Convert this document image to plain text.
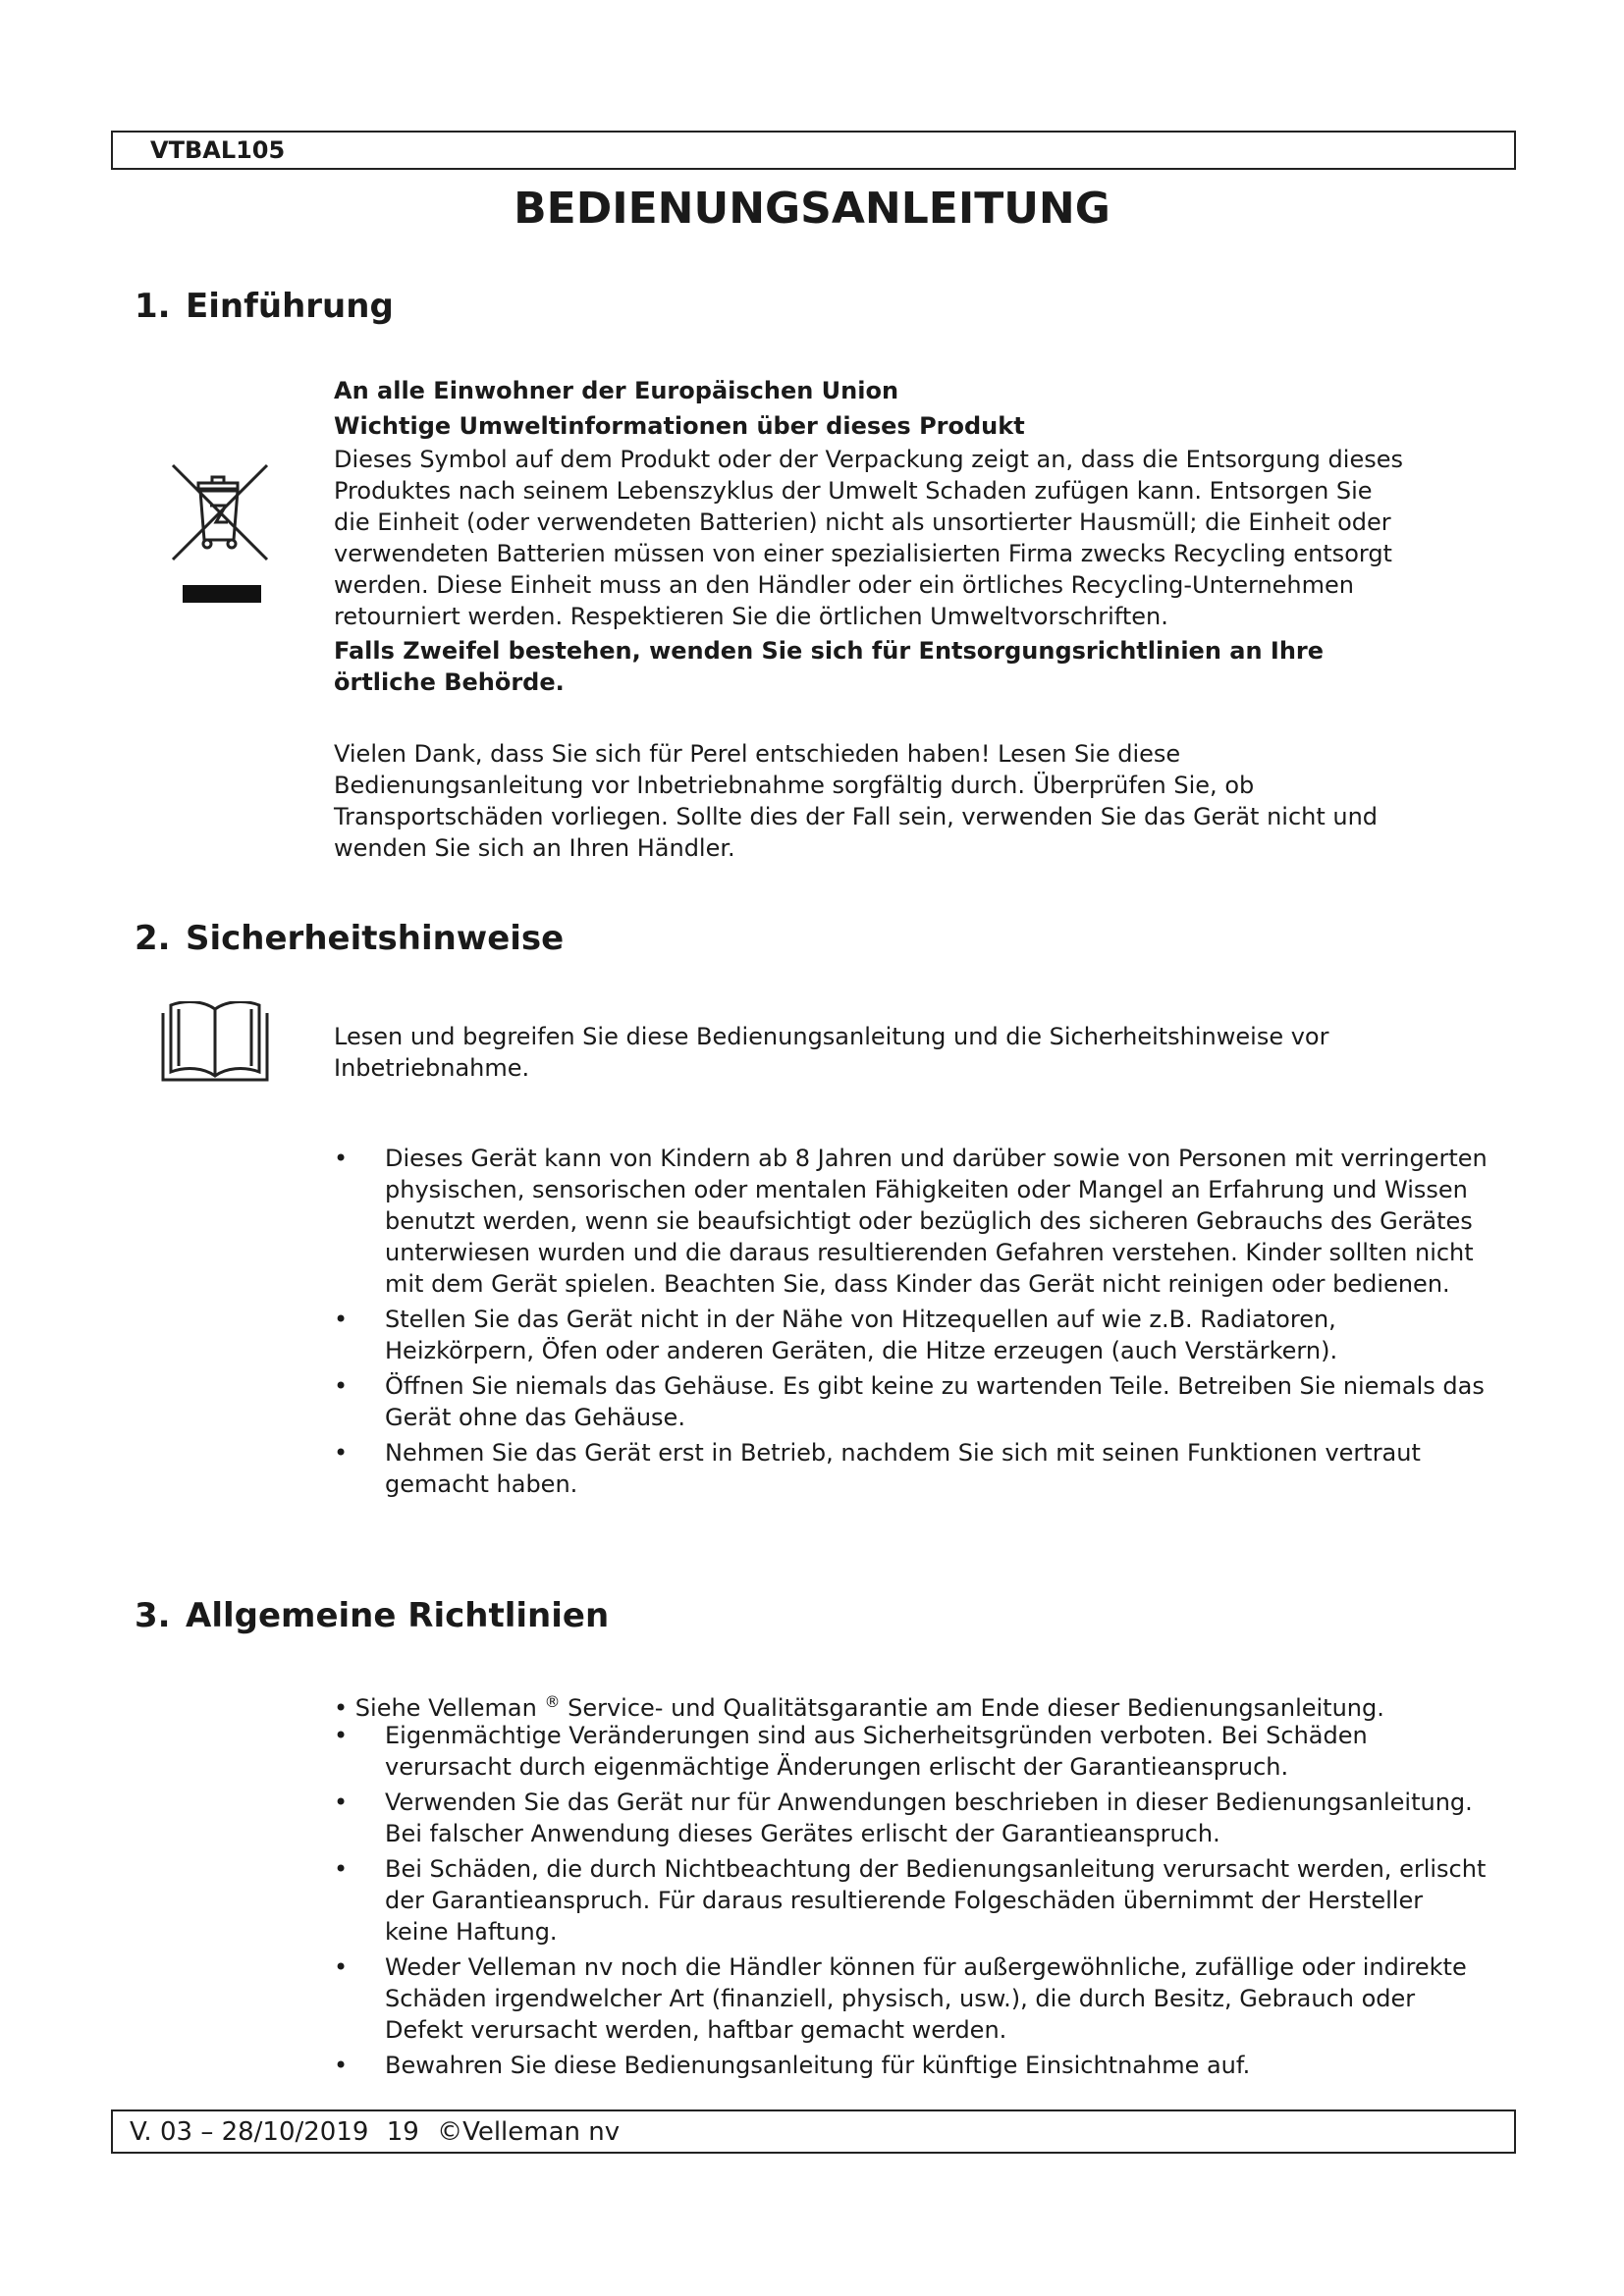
VTBAL105
BEDIENUNGSANLEITUNG
1. Einführung
An alle Einwohner der Europäischen Union
Wichtige Umweltinformationen über dieses Produkt
Dieses Symbol auf dem Produkt oder der Verpackung zeigt an, dass die Entsorgung dieses
Produktes nach seinem Lebenszyklus der Umwelt Schaden zufügen kann. Entsorgen Sie
die Einheit (oder verwendeten Batterien) nicht als unsortierter Hausmüll; die Einheit oder
verwendeten Batterien müssen von einer spezialisierten Firma zwecks Recycling entsorgt
werden. Diese Einheit muss an den Händler oder ein örtliches Recycling-Unternehmen
retourniert werden. Respektieren Sie die örtlichen Umweltvorschriften.
Falls Zweifel bestehen, wenden Sie sich für Entsorgungsrichtlinien an Ihre
örtliche Behörde.
Vielen Dank, dass Sie sich für Perel entschieden haben! Lesen Sie diese
Bedienungsanleitung vor Inbetriebnahme sorgfältig durch. Überprüfen Sie, ob
Transportschäden vorliegen. Sollte dies der Fall sein, verwenden Sie das Gerät nicht und
wenden Sie sich an Ihren Händler.
2. Sicherheitshinweise
Lesen und begreifen Sie diese Bedienungsanleitung und die Sicherheitshinweise vor
Inbetriebnahme.
• Dieses Gerät kann von Kindern ab 8 Jahren und darüber sowie von Personen mit verringerten physischen, sensorischen oder mentalen Fähigkeiten oder Mangel an Erfahrung und Wissen benutzt werden, wenn sie beaufsichtigt oder bezüglich des sicheren Gebrauchs des Gerätes unterwiesen wurden und die daraus resultierenden Gefahren verstehen. Kinder sollten nicht mit dem Gerät spielen. Beachten Sie, dass Kinder das Gerät nicht reinigen oder bedienen.
• Stellen Sie das Gerät nicht in der Nähe von Hitzequellen auf wie z.B. Radiatoren, Heizkörpern, Öfen oder anderen Geräten, die Hitze erzeugen (auch Verstärkern).
• Öffnen Sie niemals das Gehäuse. Es gibt keine zu wartenden Teile. Betreiben Sie niemals das Gerät ohne das Gehäuse.
• Nehmen Sie das Gerät erst in Betrieb, nachdem Sie sich mit seinen Funktionen vertraut gemacht haben.
3. Allgemeine Richtlinien
• Siehe Velleman ® Service- und Qualitätsgarantie am Ende dieser Bedienungsanleitung.
• Eigenmächtige Veränderungen sind aus Sicherheitsgründen verboten. Bei Schäden verursacht durch eigenmächtige Änderungen erlischt der Garantieanspruch.
• Verwenden Sie das Gerät nur für Anwendungen beschrieben in dieser Bedienungsanleitung. Bei falscher Anwendung dieses Gerätes erlischt der Garantieanspruch.
• Bei Schäden, die durch Nichtbeachtung der Bedienungsanleitung verursacht werden, erlischt der Garantieanspruch. Für daraus resultierende Folgeschäden übernimmt der Hersteller keine Haftung.
• Weder Velleman nv noch die Händler können für außergewöhnliche, zufällige oder indirekte Schäden irgendwelcher Art (finanziell, physisch, usw.), die durch Besitz, Gebrauch oder Defekt verursacht werden, haftbar gemacht werden.
• Bewahren Sie diese Bedienungsanleitung für künftige Einsichtnahme auf.
V. 03 – 28/10/2019 19 ©Velleman nv
